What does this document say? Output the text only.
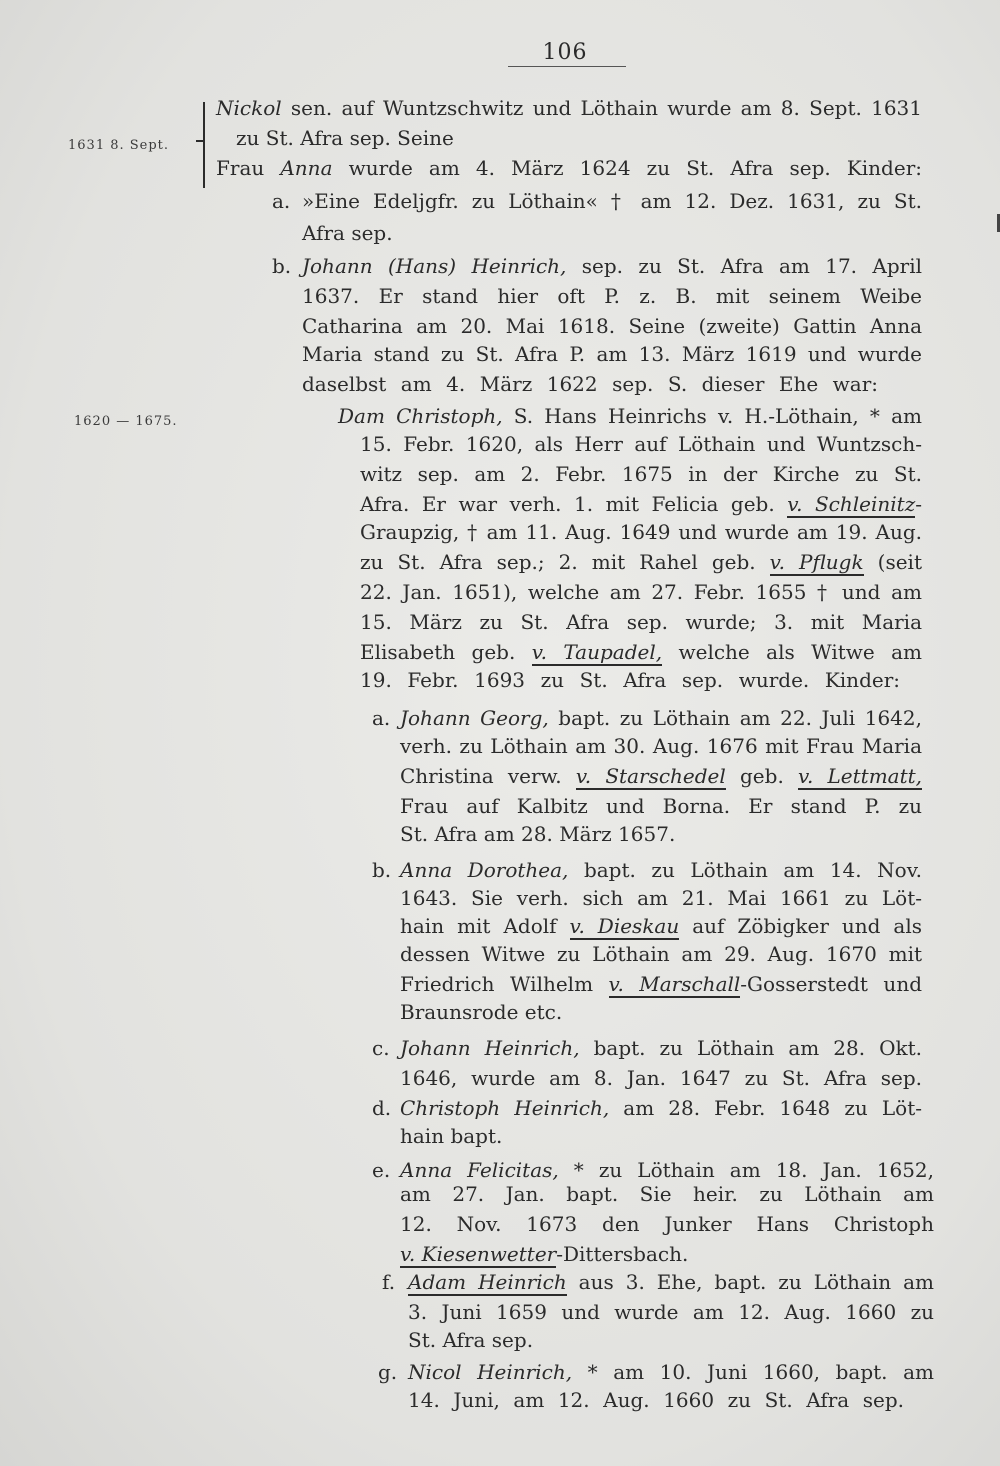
106
1631 8. Sept.
1620 — 1675.
Nickol sen. auf Wuntzschwitz und Löthain wurde am 8. Sept. 1631
zu St. Afra sep. Seine
Frau Anna wurde am 4. März 1624 zu St. Afra sep. Kinder:
a. »Eine Edeljgfr. zu Löthain« † am 12. Dez. 1631, zu St.
Afra sep.
b. Johann (Hans) Heinrich, sep. zu St. Afra am 17. April
1637. Er stand hier oft P. z. B. mit seinem Weibe
Catharina am 20. Mai 1618. Seine (zweite) Gattin Anna
Maria stand zu St. Afra P. am 13. März 1619 und wurde
daselbst am 4. März 1622 sep. S. dieser Ehe war:
Dam Christoph, S. Hans Heinrichs v. H.-Löthain, * am
15. Febr. 1620, als Herr auf Löthain und Wuntzsch-
witz sep. am 2. Febr. 1675 in der Kirche zu St.
Afra. Er war verh. 1. mit Felicia geb. v. Schleinitz-
Graupzig, † am 11. Aug. 1649 und wurde am 19. Aug.
zu St. Afra sep.; 2. mit Rahel geb. v. Pflugk (seit
22. Jan. 1651), welche am 27. Febr. 1655 † und am
15. März zu St. Afra sep. wurde; 3. mit Maria
Elisabeth geb. v. Taupadel, welche als Witwe am
19. Febr. 1693 zu St. Afra sep. wurde. Kinder:
a. Johann Georg, bapt. zu Löthain am 22. Juli 1642,
verh. zu Löthain am 30. Aug. 1676 mit Frau Maria
Christina verw. v. Starschedel geb. v. Lettmatt,
Frau auf Kalbitz und Borna. Er stand P. zu
St. Afra am 28. März 1657.
b. Anna Dorothea, bapt. zu Löthain am 14. Nov.
1643. Sie verh. sich am 21. Mai 1661 zu Löt-
hain mit Adolf v. Dieskau auf Zöbigker und als
dessen Witwe zu Löthain am 29. Aug. 1670 mit
Friedrich Wilhelm v. Marschall-Gosserstedt und
Braunsrode etc.
c. Johann Heinrich, bapt. zu Löthain am 28. Okt.
1646, wurde am 8. Jan. 1647 zu St. Afra sep.
d. Christoph Heinrich, am 28. Febr. 1648 zu Löt-
hain bapt.
e. Anna Felicitas, * zu Löthain am 18. Jan. 1652,
am 27. Jan. bapt. Sie heir. zu Löthain am
12. Nov. 1673 den Junker Hans Christoph
v. Kiesenwetter-Dittersbach.
f. Adam Heinrich aus 3. Ehe, bapt. zu Löthain am
3. Juni 1659 und wurde am 12. Aug. 1660 zu
St. Afra sep.
g. Nicol Heinrich, * am 10. Juni 1660, bapt. am
14. Juni, am 12. Aug. 1660 zu St. Afra sep.
